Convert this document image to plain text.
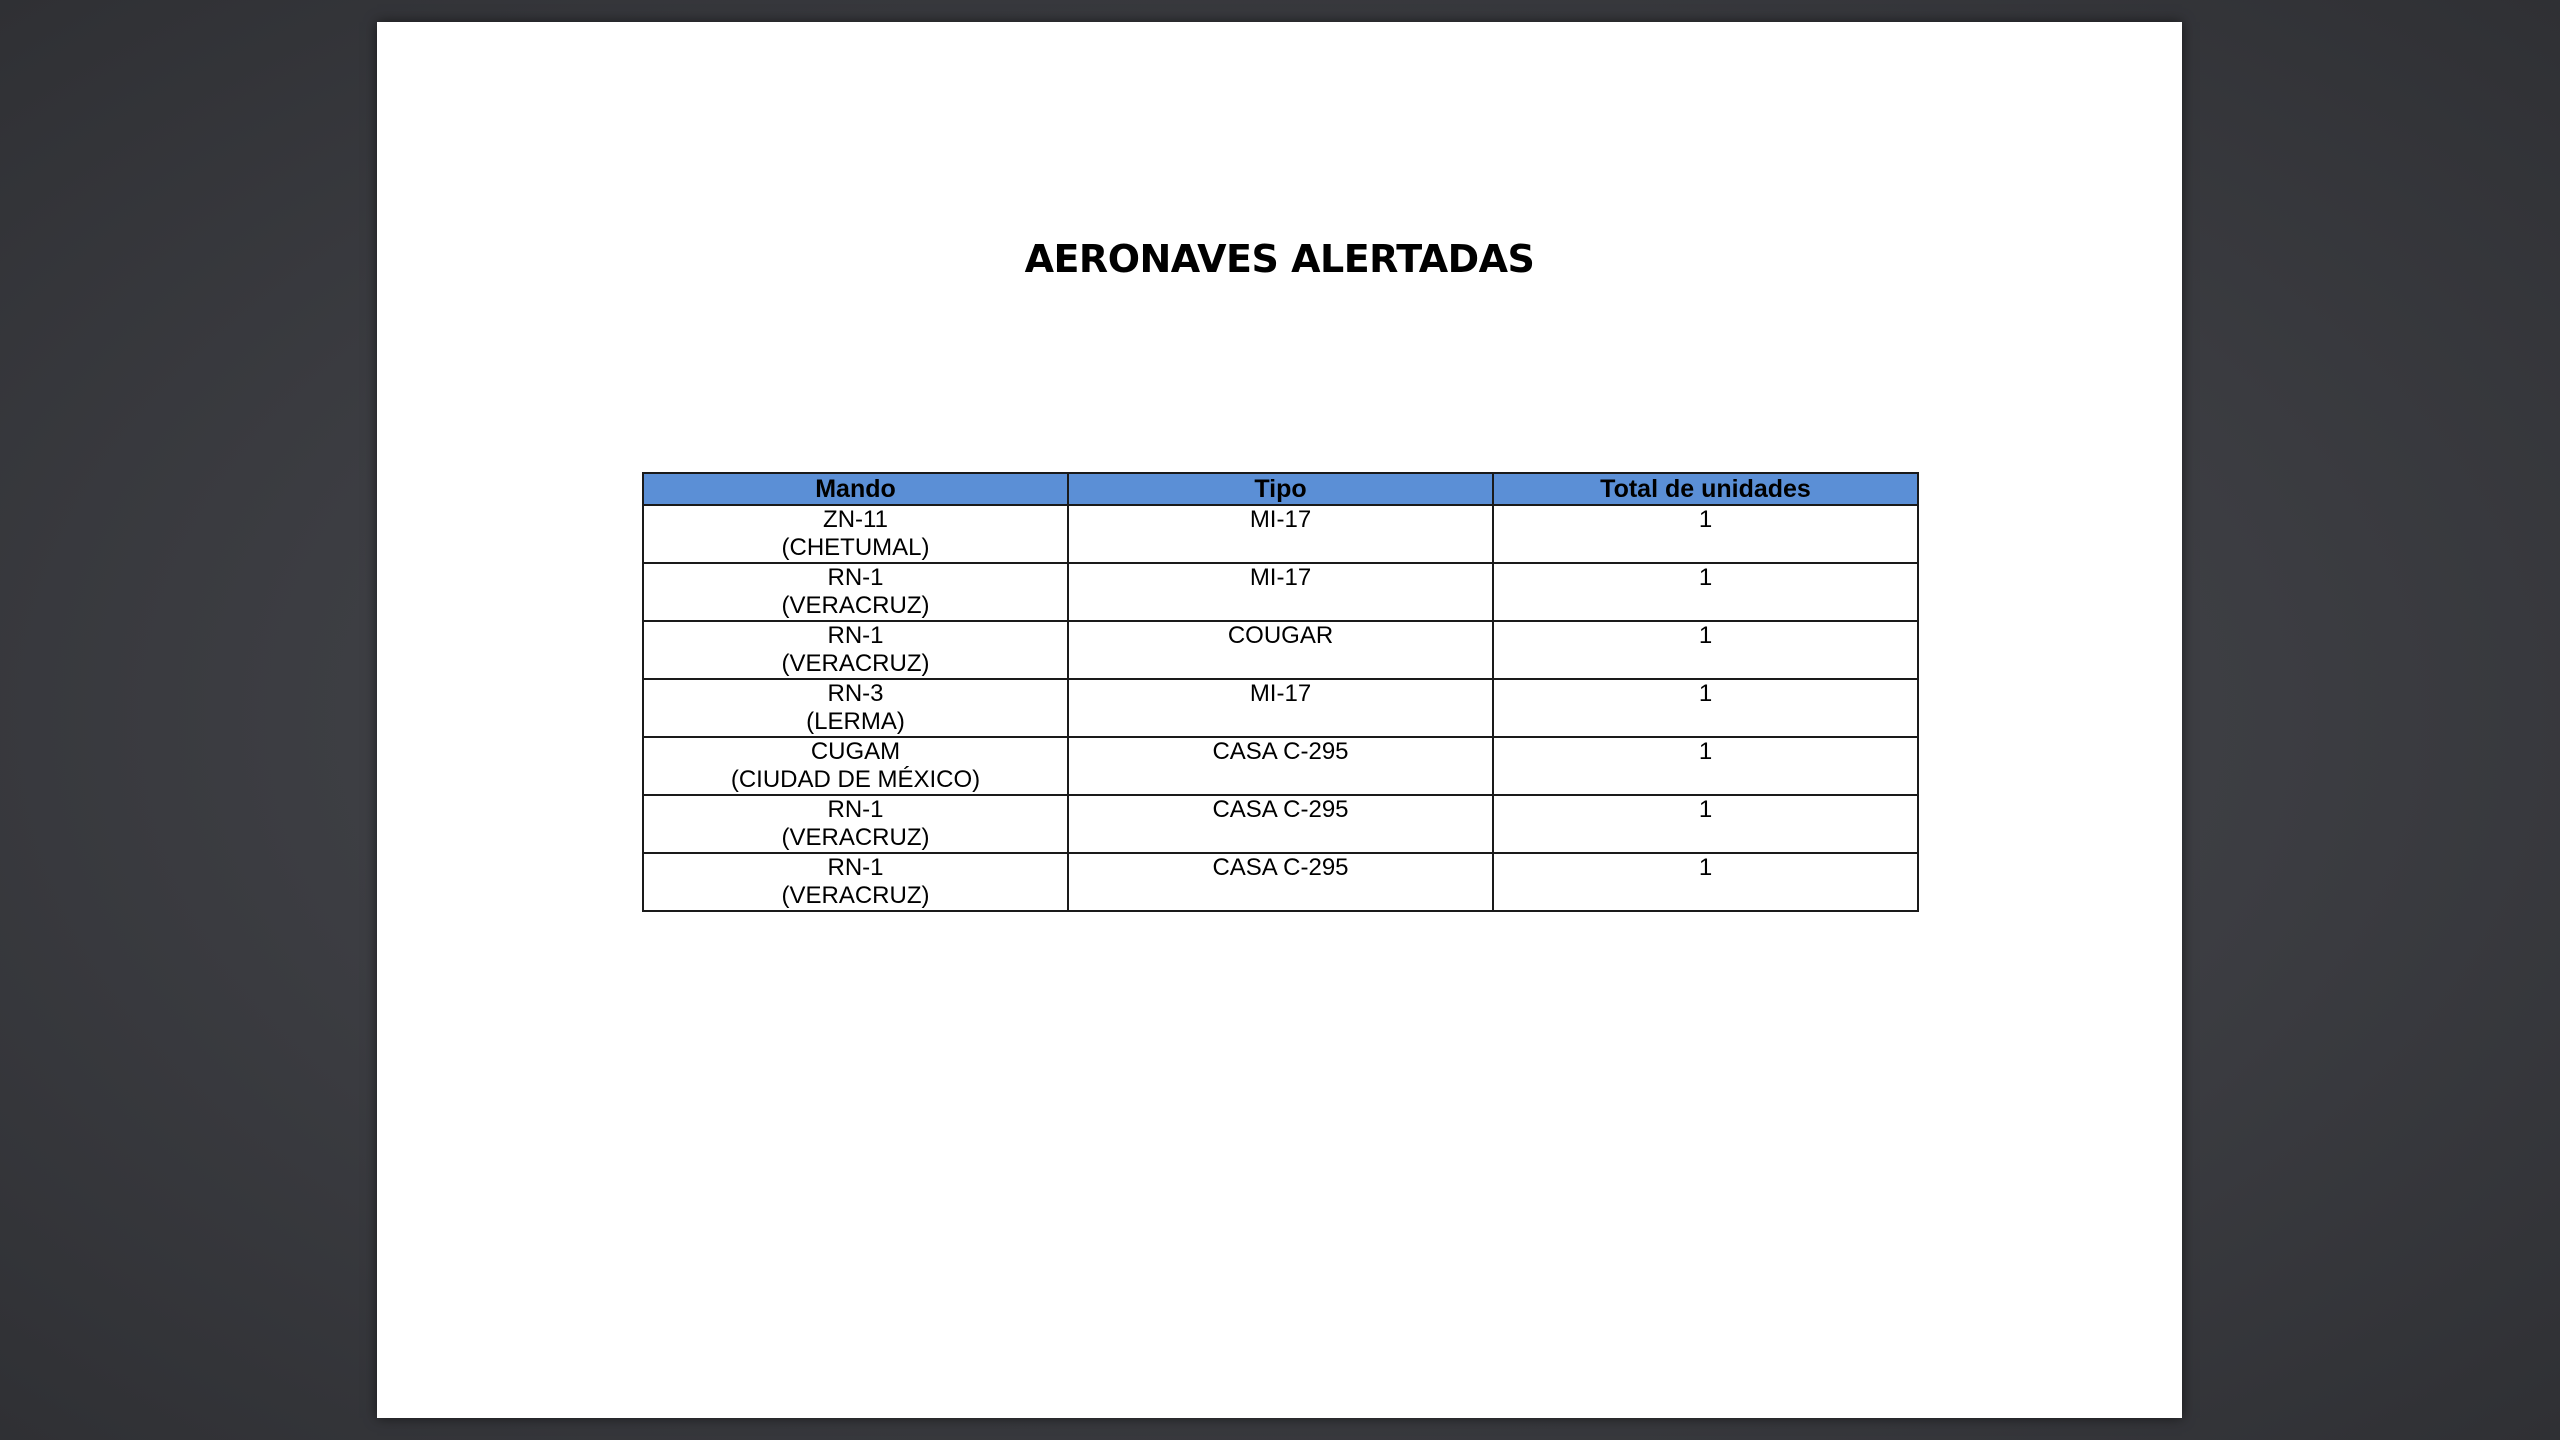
AERONAVES ALERTADAS
Mando	Tipo	Total de unidades

ZN-11
(CHETUMAL)	MI-17	1

RN-1
(VERACRUZ)	MI-17	1

RN-1
(VERACRUZ)	COUGAR	1

RN-3
(LERMA)	MI-17	1

CUGAM
(CIUDAD DE MÉXICO)	CASA C-295	1

RN-1
(VERACRUZ)	CASA C-295	1

RN-1
(VERACRUZ)	CASA C-295	1
